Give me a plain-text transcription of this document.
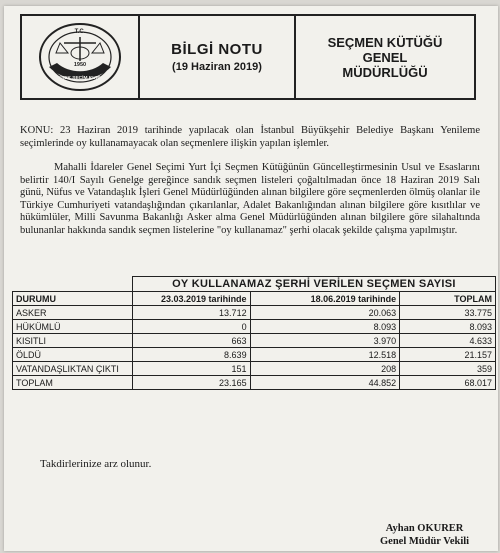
T.C.
1950
YÜKSEK SEÇİM KURULU
BİLGİ NOTU
(19 Haziran 2019)
SEÇMEN KÜTÜĞÜ
GENEL
MÜDÜRLÜĞÜ

KONU: 23 Haziran 2019 tarihinde yapılacak olan İstanbul Büyükşehir Belediye Başkanı Yenileme seçimlerinde oy kullanamayacak olan seçmenlere ilişkin yapılan işlemler.

Mahalli İdareler Genel Seçimi Yurt İçi Seçmen Kütüğünün Güncelleştirmesinin Usul ve Esaslarını belirtir 140/I Sayılı Genelge gereğince sandık seçmen listeleri çoğaltılmadan önce 18 Haziran 2019 Salı günü, Nüfus ve Vatandaşlık İşleri Genel Müdürlüğünden alınan bilgilere göre seçmenlerden ölmüş olanlar ile Türkiye Cumhuriyeti vatandaşlığından çıkarılanlar, Adalet Bakanlığından alınan bilgilere göre kısıtlılar ve hükümlüler, Milli Savunma Bakanlığı Asker alma Genel Müdürlüğünden alınan bilgilere göre silahaltında bulunanlar hakkında sandık seçmen listelerine "oy kullanamaz" şerhi olacak şekilde çalışma yapılmıştır.

	OY KULLANAMAZ ŞERHİ VERİLEN SEÇMEN SAYISI		
DURUMU	23.03.2019 tarihinde	18.06.2019 tarihinde	TOPLAM
ASKER	13.712	20.063	33.775
HÜKÜMLÜ	0	8.093	8.093
KISITLI	663	3.970	4.633
ÖLDÜ	8.639	12.518	21.157
VATANDAŞLIKTAN ÇIKTI	151	208	359
TOPLAM	23.165	44.852	68.017

Takdirlerinize arz olunur.

Ayhan OKURER
Genel Müdür Vekili
